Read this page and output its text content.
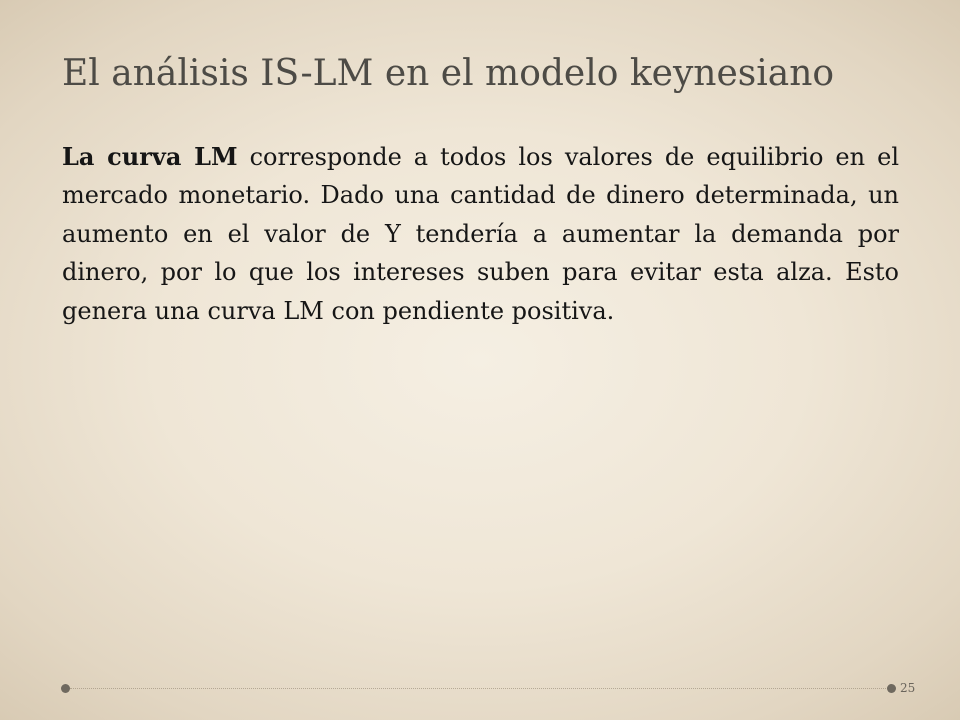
El análisis IS-LM en el modelo keynesiano

La curva LM corresponde a todos los valores de equilibrio en el mercado monetario. Dado una cantidad de dinero determinada, un aumento en el valor de Y tendería a aumentar la demanda por dinero, por lo que los intereses suben para evitar esta alza. Esto genera una curva LM con pendiente positiva.

25
